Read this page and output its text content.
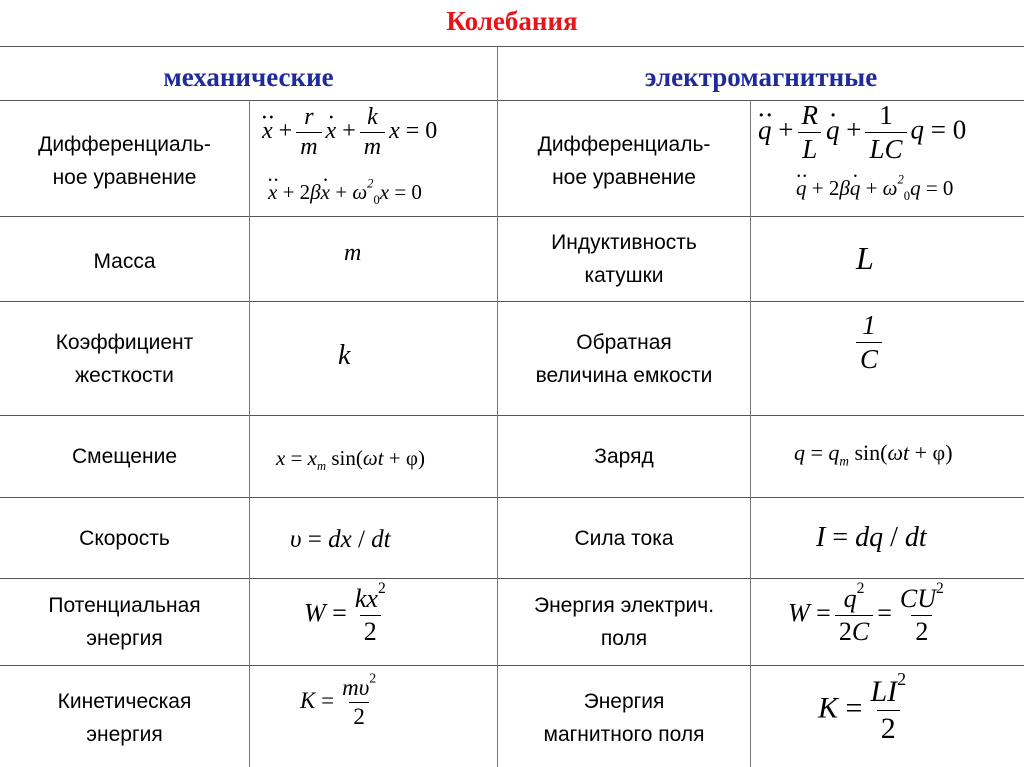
Колебания
механические	электромагнитные
Дифференциаль-
ное уравнение
Масса
Коэффициент
жесткости
Смещение
Скорость
Потенциальная
энергия
Кинетическая
энергия
Дифференциаль-
ное уравнение
Индуктивность
катушки
Обратная
величина емкости
Заряд
Сила тока
Энергия электрич.
поля
Энергия
магнитного поля
x ·· + $\frac{r}{m}$ x · + $\frac{k}{m}$ x = 0
x ·· + 2βx · + $\omega^2_0x = 0$
m
k
$x = x_m$ sin(ωt + φ)
υ = dx / dt
$W = \frac{kx^2}{2}$
$K = \frac{m\upsilon^2}{2}$
q ·· + $\frac{R}{L}$ q · + $\frac{1}{LC}$ q = 0
q ·· + 2βq · + $\omega^2_0q = 0$
L
$\frac{1}{C}$
$q = q_m$ sin(ωt + φ)
I = dq / dt
$W = \frac{q^2}{2C} = \frac{CU^2}{2}$
$K = \frac{LI^2}{2}$
